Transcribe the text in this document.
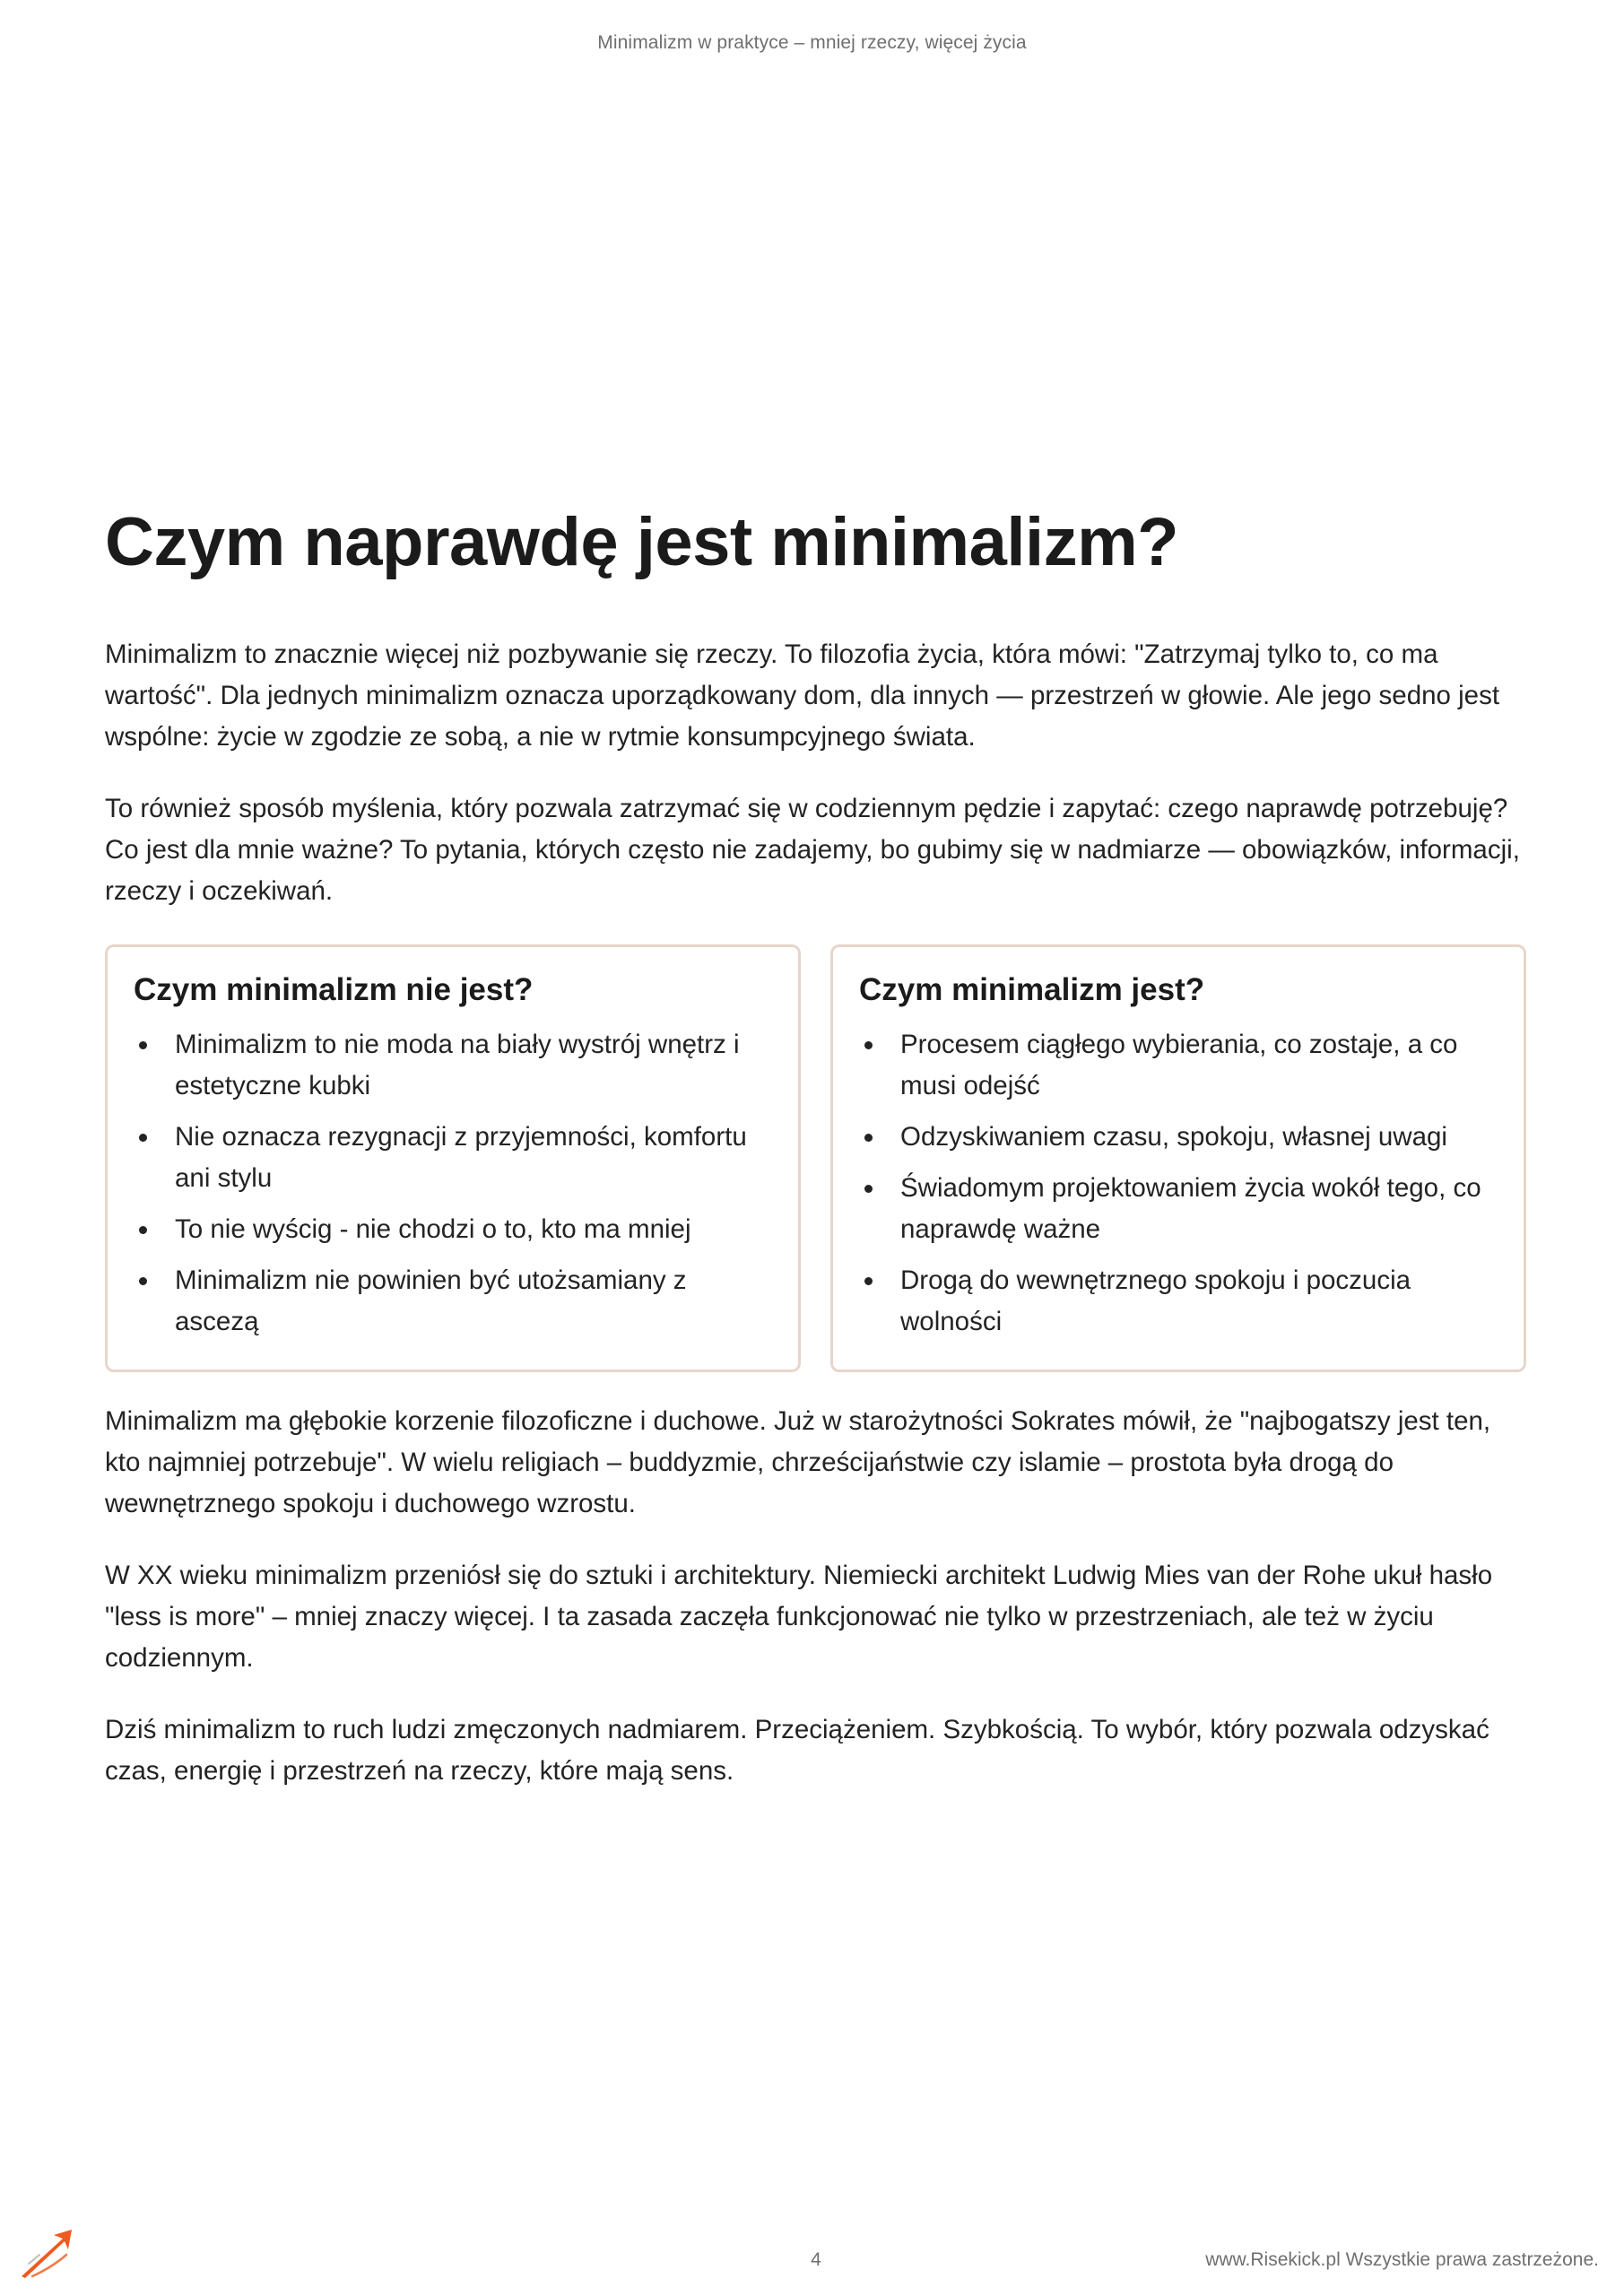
Minimalizm w praktyce – mniej rzeczy, więcej życia
Czym naprawdę jest minimalizm?

Minimalizm to znacznie więcej niż pozbywanie się rzeczy. To filozofia życia, która mówi: "Zatrzymaj tylko to, co ma wartość". Dla jednych minimalizm oznacza uporządkowany dom, dla innych — przestrzeń w głowie. Ale jego sedno jest wspólne: życie w zgodzie ze sobą, a nie w rytmie konsumpcyjnego świata.

To również sposób myślenia, który pozwala zatrzymać się w codziennym pędzie i zapytać: czego naprawdę potrzebuję? Co jest dla mnie ważne? To pytania, których często nie zadajemy, bo gubimy się w nadmiarze — obowiązków, informacji, rzeczy i oczekiwań.

Czym minimalizm nie jest?
Minimalizm to nie moda na biały wystrój wnętrz i estetyczne kubki
Nie oznacza rezygnacji z przyjemności, komfortu ani stylu
To nie wyścig - nie chodzi o to, kto ma mniej
Minimalizm nie powinien być utożsamiany z ascezą
Czym minimalizm jest?
Procesem ciągłego wybierania, co zostaje, a co musi odejść
Odzyskiwaniem czasu, spokoju, własnej uwagi
Świadomym projektowaniem życia wokół tego, co naprawdę ważne
Drogą do wewnętrznego spokoju i poczucia wolności

Minimalizm ma głębokie korzenie filozoficzne i duchowe. Już w starożytności Sokrates mówił, że "najbogatszy jest ten, kto najmniej potrzebuje". W wielu religiach – buddyzmie, chrześcijaństwie czy islamie – prostota była drogą do wewnętrznego spokoju i duchowego wzrostu.

W XX wieku minimalizm przeniósł się do sztuki i architektury. Niemiecki architekt Ludwig Mies van der Rohe ukuł hasło "less is more" – mniej znaczy więcej. I ta zasada zaczęła funkcjonować nie tylko w przestrzeniach, ale też w życiu codziennym.

Dziś minimalizm to ruch ludzi zmęczonych nadmiarem. Przeciążeniem. Szybkością. To wybór, który pozwala odzyskać czas, energię i przestrzeń na rzeczy, które mają sens.

4	www.Risekick.pl Wszystkie prawa zastrzeżone.
